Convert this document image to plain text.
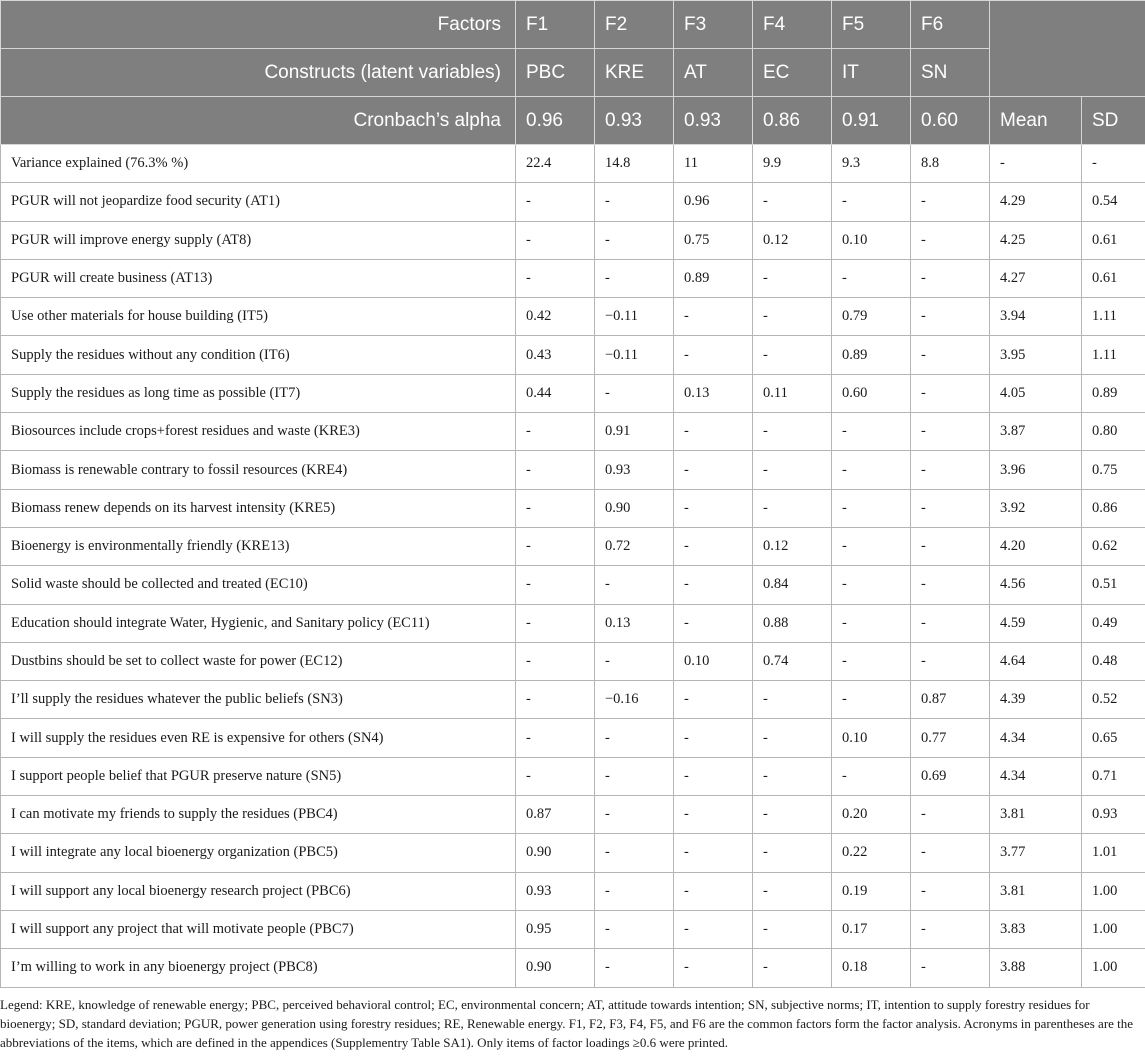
Factors	F1	F2	F3	F4	F5	F6		
Constructs (latent variables)	PBC	KRE	AT	EC	IT	SN		
Cronbach’s alpha	0.96	0.93	0.93	0.86	0.91	0.60	Mean	SD
Variance explained (76.3% %)	22.4	14.8	11	9.9	9.3	8.8	-	-
PGUR will not jeopardize food security (AT1)	-	-	0.96	-	-	-	4.29	0.54
PGUR will improve energy supply (AT8)	-	-	0.75	0.12	0.10	-	4.25	0.61
PGUR will create business (AT13)	-	-	0.89	-	-	-	4.27	0.61
Use other materials for house building (IT5)	0.42	−0.11	-	-	0.79	-	3.94	1.11
Supply the residues without any condition (IT6)	0.43	−0.11	-	-	0.89	-	3.95	1.11
Supply the residues as long time as possible (IT7)	0.44	-	0.13	0.11	0.60	-	4.05	0.89
Biosources include crops+forest residues and waste (KRE3)	-	0.91	-	-	-	-	3.87	0.80
Biomass is renewable contrary to fossil resources (KRE4)	-	0.93	-	-	-	-	3.96	0.75
Biomass renew depends on its harvest intensity (KRE5)	-	0.90	-	-	-	-	3.92	0.86
Bioenergy is environmentally friendly (KRE13)	-	0.72	-	0.12	-	-	4.20	0.62
Solid waste should be collected and treated (EC10)	-	-	-	0.84	-	-	4.56	0.51
Education should integrate Water, Hygienic, and Sanitary policy (EC11)	-	0.13	-	0.88	-	-	4.59	0.49
Dustbins should be set to collect waste for power (EC12)	-	-	0.10	0.74	-	-	4.64	0.48
I’ll supply the residues whatever the public beliefs (SN3)	-	−0.16	-	-	-	0.87	4.39	0.52
I will supply the residues even RE is expensive for others (SN4)	-	-	-	-	0.10	0.77	4.34	0.65
I support people belief that PGUR preserve nature (SN5)	-	-	-	-	-	0.69	4.34	0.71
I can motivate my friends to supply the residues (PBC4)	0.87	-	-	-	0.20	-	3.81	0.93
I will integrate any local bioenergy organization (PBC5)	0.90	-	-	-	0.22	-	3.77	1.01
I will support any local bioenergy research project (PBC6)	0.93	-	-	-	0.19	-	3.81	1.00
I will support any project that will motivate people (PBC7)	0.95	-	-	-	0.17	-	3.83	1.00
I’m willing to work in any bioenergy project (PBC8)	0.90	-	-	-	0.18	-	3.88	1.00
Legend: KRE, knowledge of renewable energy; PBC, perceived behavioral control; EC, environmental concern; AT, attitude towards intention; SN, subjective norms; IT, intention to supply forestry residues for bioenergy; SD, standard deviation; PGUR, power generation using forestry residues; RE, Renewable energy. F1, F2, F3, F4, F5, and F6 are the common factors form the factor analysis. Acronyms in parentheses are the abbreviations of the items, which are defined in the appendices (Supplementry Table SA1). Only items of factor loadings ≥0.6 were printed.
